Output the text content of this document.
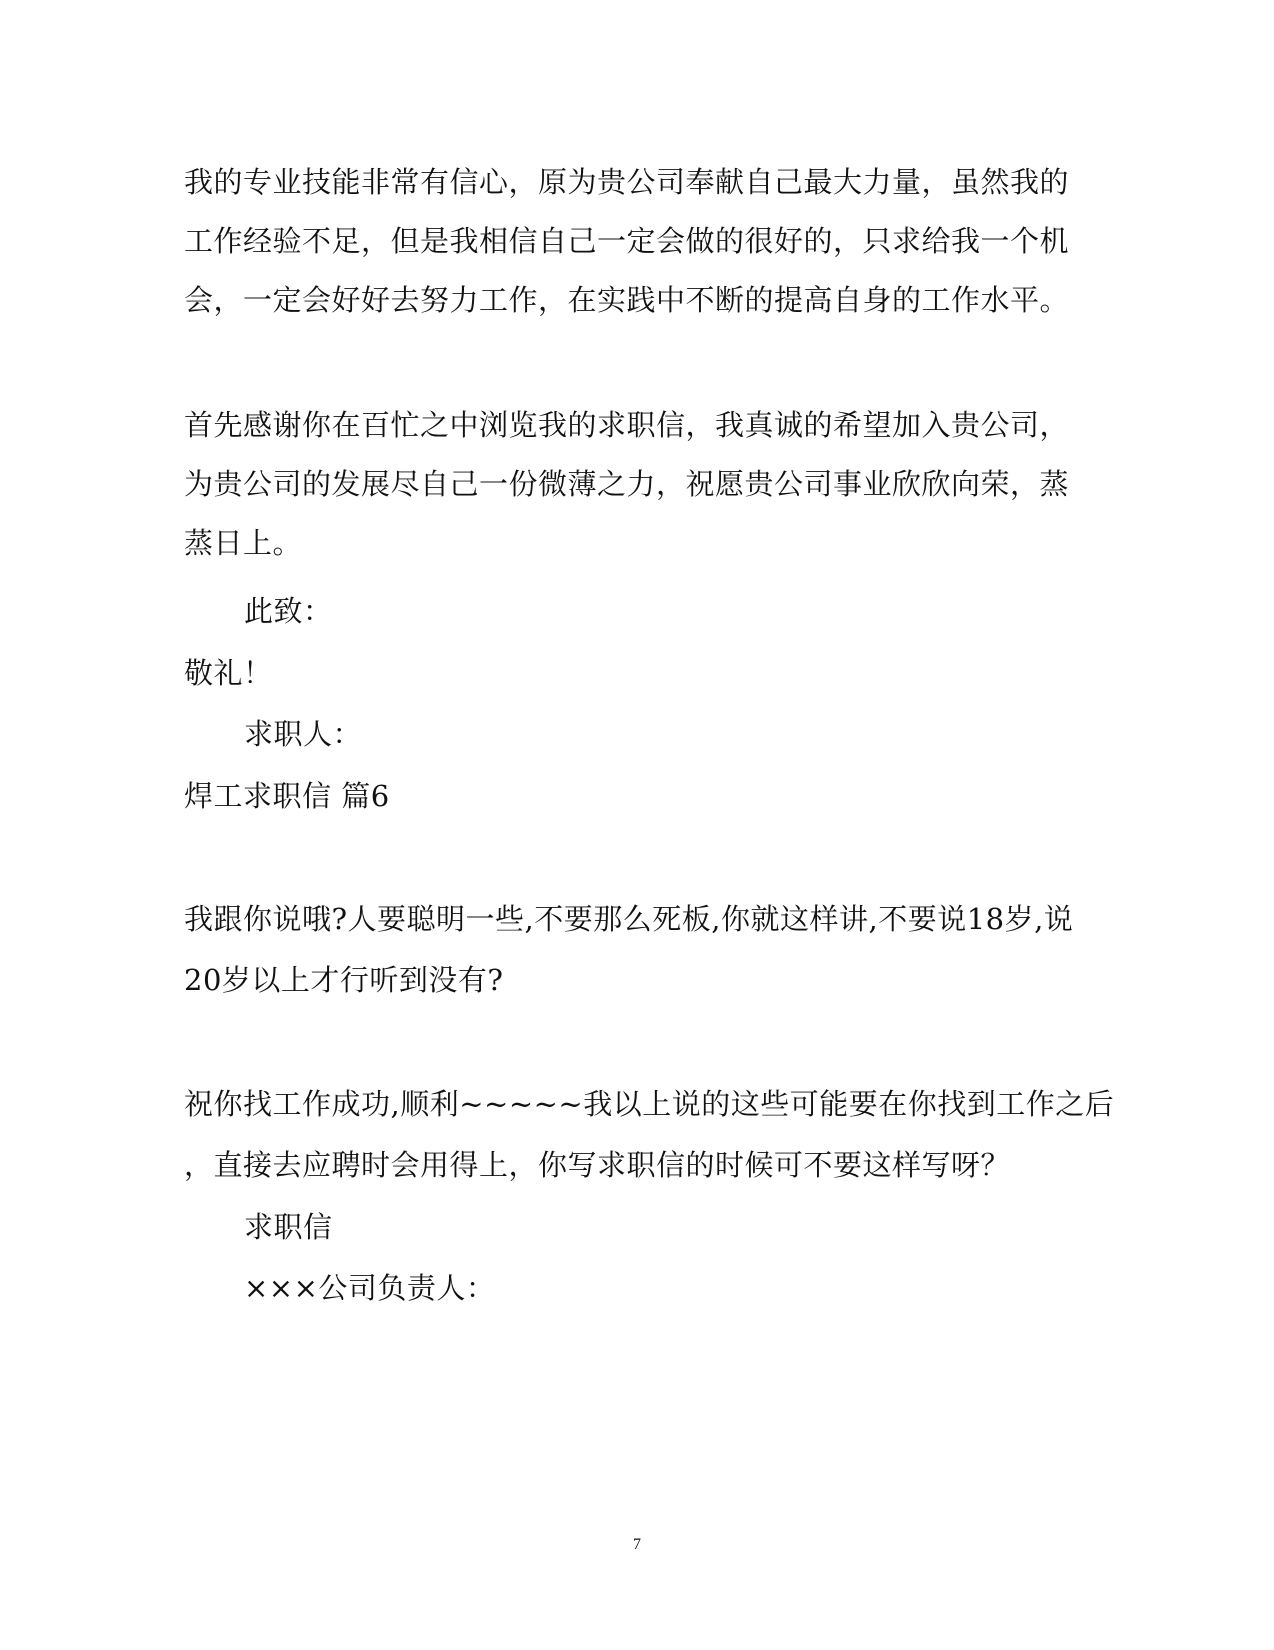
我的专业技能非常有信心，原为贵公司奉献自己最大力量，虽然我的
工作经验不足，但是我相信自己一定会做的很好的，只求给我一个机
会，一定会好好去努力工作，在实践中不断的提高自身的工作水平。
首先感谢你在百忙之中浏览我的求职信，我真诚的希望加入贵公司，
为贵公司的发展尽自己一份微薄之力，祝愿贵公司事业欣欣向荣，蒸
蒸日上。
此致：
敬礼！
求职人：
焊工求职信 篇6
我跟你说哦?人要聪明一些,不要那么死板,你就这样讲,不要说18岁,说
20岁以上才行听到没有?
祝你找工作成功,顺利~~~~~我以上说的这些可能要在你找到工作之后
，直接去应聘时会用得上，你写求职信的时候可不要这样写呀？
求职信
×××公司负责人：
7
